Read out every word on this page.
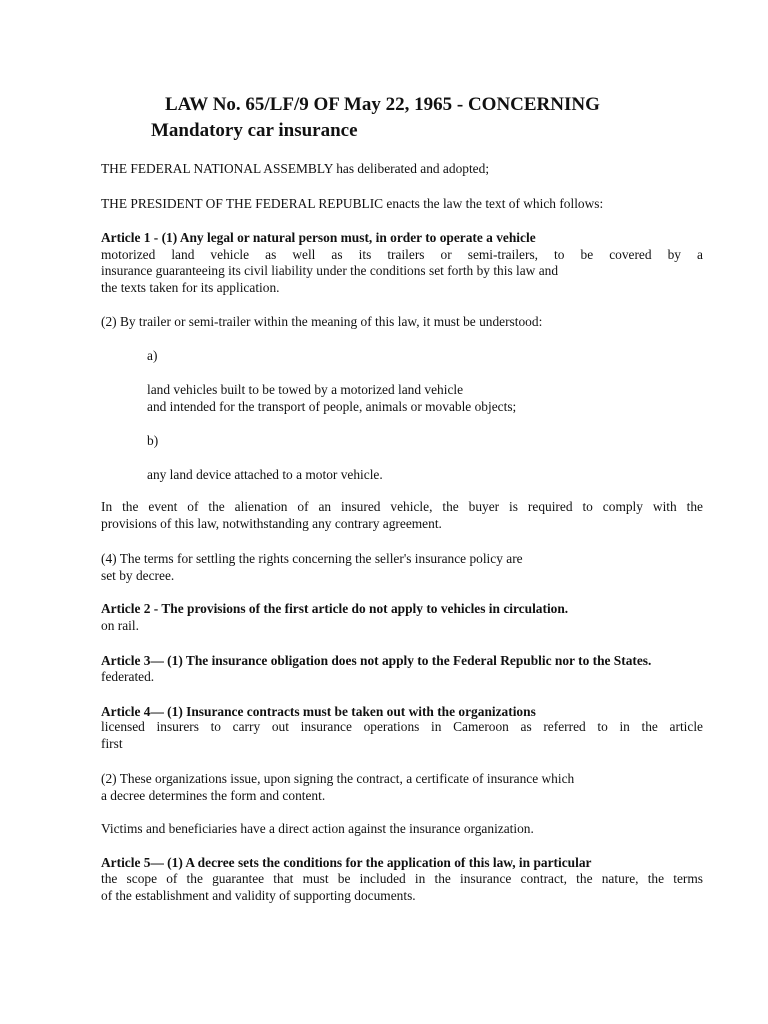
LAW No. 65/LF/9 OF May 22, 1965 - CONCERNING

Mandatory car insurance

THE FEDERAL NATIONAL ASSEMBLY has deliberated and adopted;

THE PRESIDENT OF THE FEDERAL REPUBLIC enacts the law the text of which follows:

Article 1 - (1) Any legal or natural person must, in order to operate a vehicle

motorized land vehicle as well as its trailers or semi-trailers, to be covered by a

insurance guaranteeing its civil liability under the conditions set forth by this law and

the texts taken for its application.

(2) By trailer or semi-trailer within the meaning of this law, it must be understood:

a)

land vehicles built to be towed by a motorized land vehicle

and intended for the transport of people, animals or movable objects;

b)

any land device attached to a motor vehicle.

In the event of the alienation of an insured vehicle, the buyer is required to comply with the

provisions of this law, notwithstanding any contrary agreement.

(4) The terms for settling the rights concerning the seller's insurance policy are

set by decree.

Article 2 - The provisions of the first article do not apply to vehicles in circulation.

on rail.

Article 3— (1) The insurance obligation does not apply to the Federal Republic nor to the States.

federated.

Article 4— (1) Insurance contracts must be taken out with the organizations

licensed insurers to carry out insurance operations in Cameroon as referred to in the article

first

(2) These organizations issue, upon signing the contract, a certificate of insurance which

a decree determines the form and content.

Victims and beneficiaries have a direct action against the insurance organization.

Article 5— (1) A decree sets the conditions for the application of this law, in particular

the scope of the guarantee that must be included in the insurance contract, the nature, the terms

of the establishment and validity of supporting documents.
